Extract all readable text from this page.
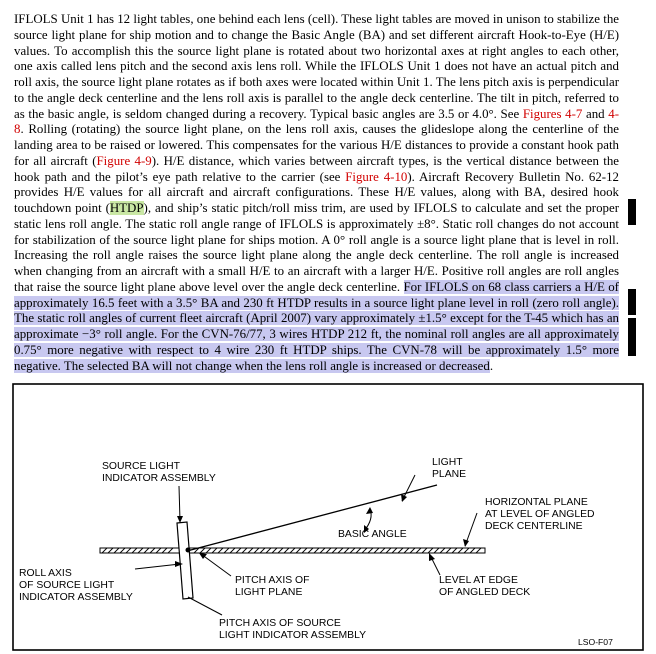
IFLOLS Unit 1 has 12 light tables, one behind each lens (cell). These light tables are moved in unison to stabilize the source light plane for ship motion and to change the Basic Angle (BA) and set different aircraft Hook-to-Eye (H/E) values. To accomplish this the source light plane is rotated about two horizontal axes at right angles to each other, one axis called lens pitch and the second axis lens roll. While the IFLOLS Unit 1 does not have an actual pitch and roll axis, the source light plane rotates as if both axes were located within Unit 1. The lens pitch axis is perpendicular to the angle deck centerline and the lens roll axis is parallel to the angle deck centerline. The tilt in pitch, referred to as the basic angle, is seldom changed during a recovery. Typical basic angles are 3.5 or 4.0°. See Figures 4-7 and 4-8. Rolling (rotating) the source light plane, on the lens roll axis, causes the glideslope along the centerline of the landing area to be raised or lowered. This compensates for the various H/E distances to provide a constant hook path for all aircraft (Figure 4-9). H/E distance, which varies between aircraft types, is the vertical distance between the hook path and the pilot’s eye path relative to the carrier (see Figure 4-10). Aircraft Recovery Bulletin No. 62-12 provides H/E values for all aircraft and aircraft configurations. These H/E values, along with BA, desired hook touchdown point (HTDP), and ship’s static pitch/roll miss trim, are used by IFLOLS to calculate and set the proper static lens roll angle. The static roll angle range of IFLOLS is approximately ±8°. Static roll changes do not account for stabilization of the source light plane for ships motion. A 0° roll angle is a source light plane that is level in roll. Increasing the roll angle raises the source light plane along the angle deck centerline. The roll angle is increased when changing from an aircraft with a small H/E to an aircraft with a larger H/E. Positive roll angles are roll angles that raise the source light plane above level over the angle deck centerline. For IFLOLS on 68 class carriers a H/E of approximately 16.5 feet with a 3.5° BA and 230 ft HTDP results in a source light plane level in roll (zero roll angle). The static roll angles of current fleet aircraft (April 2007) vary approximately ±1.5° except for the T-45 which has an approximate −3° roll angle. For the CVN-76/77, 3 wires HTDP 212 ft, the nominal roll angles are all approximately 0.75° more negative with respect to 4 wire 230 ft HTDP ships. The CVN-78 will be approximately 1.5° more negative. The selected BA will not change when the lens roll angle is increased or decreased.

SOURCE LIGHT INDICATOR ASSEMBLY
LIGHT PLANE
HORIZONTAL PLANE AT LEVEL OF ANGLED DECK CENTERLINE
BASIC ANGLE
ROLL AXIS OF SOURCE LIGHT INDICATOR ASSEMBLY
PITCH AXIS OF LIGHT PLANE
LEVEL AT EDGE OF ANGLED DECK
PITCH AXIS OF SOURCE LIGHT INDICATOR ASSEMBLY
LSO-F07
